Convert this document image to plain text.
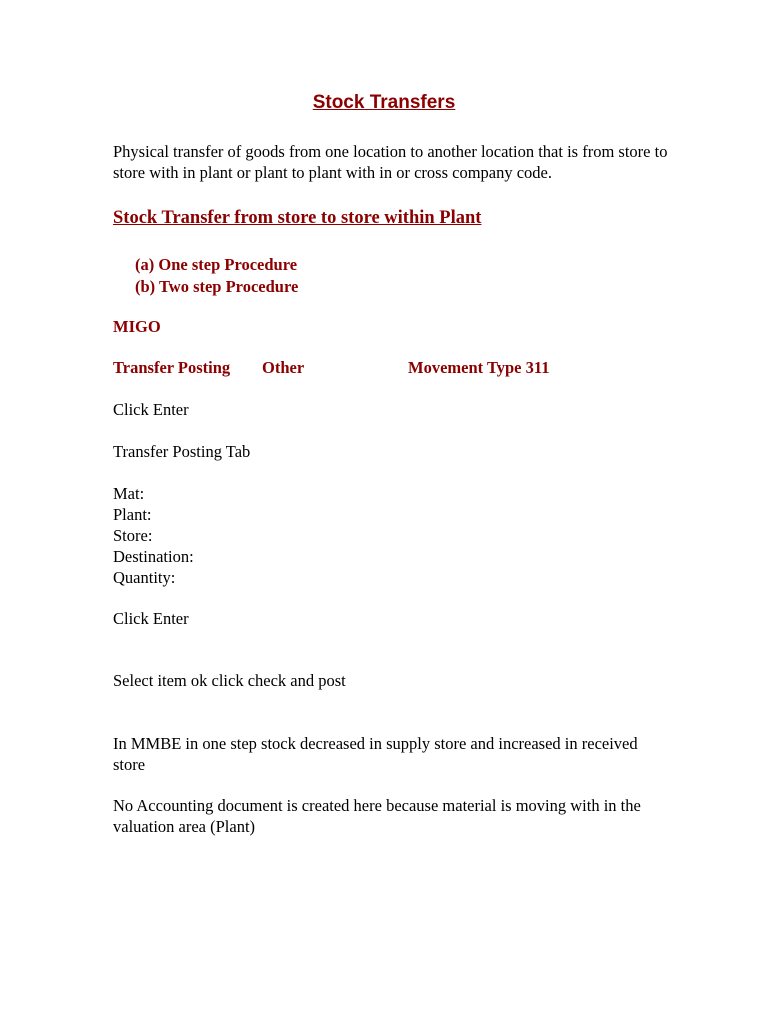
Stock Transfers

Physical transfer of goods from one location to another location that is from store to store with in plant or plant to plant with in or cross company code.

Stock Transfer from store to store within Plant
(a) One step Procedure
(b) Two step Procedure

MIGO

Transfer Posting Other	Movement Type 311

Click Enter

Transfer Posting Tab

Mat:
Plant:
Store:
Destination:
Quantity:

Click Enter

Select item ok click check and post

In MMBE in one step stock decreased in supply store and increased in received store

No Accounting document is created here because material is moving with in the valuation area (Plant)
